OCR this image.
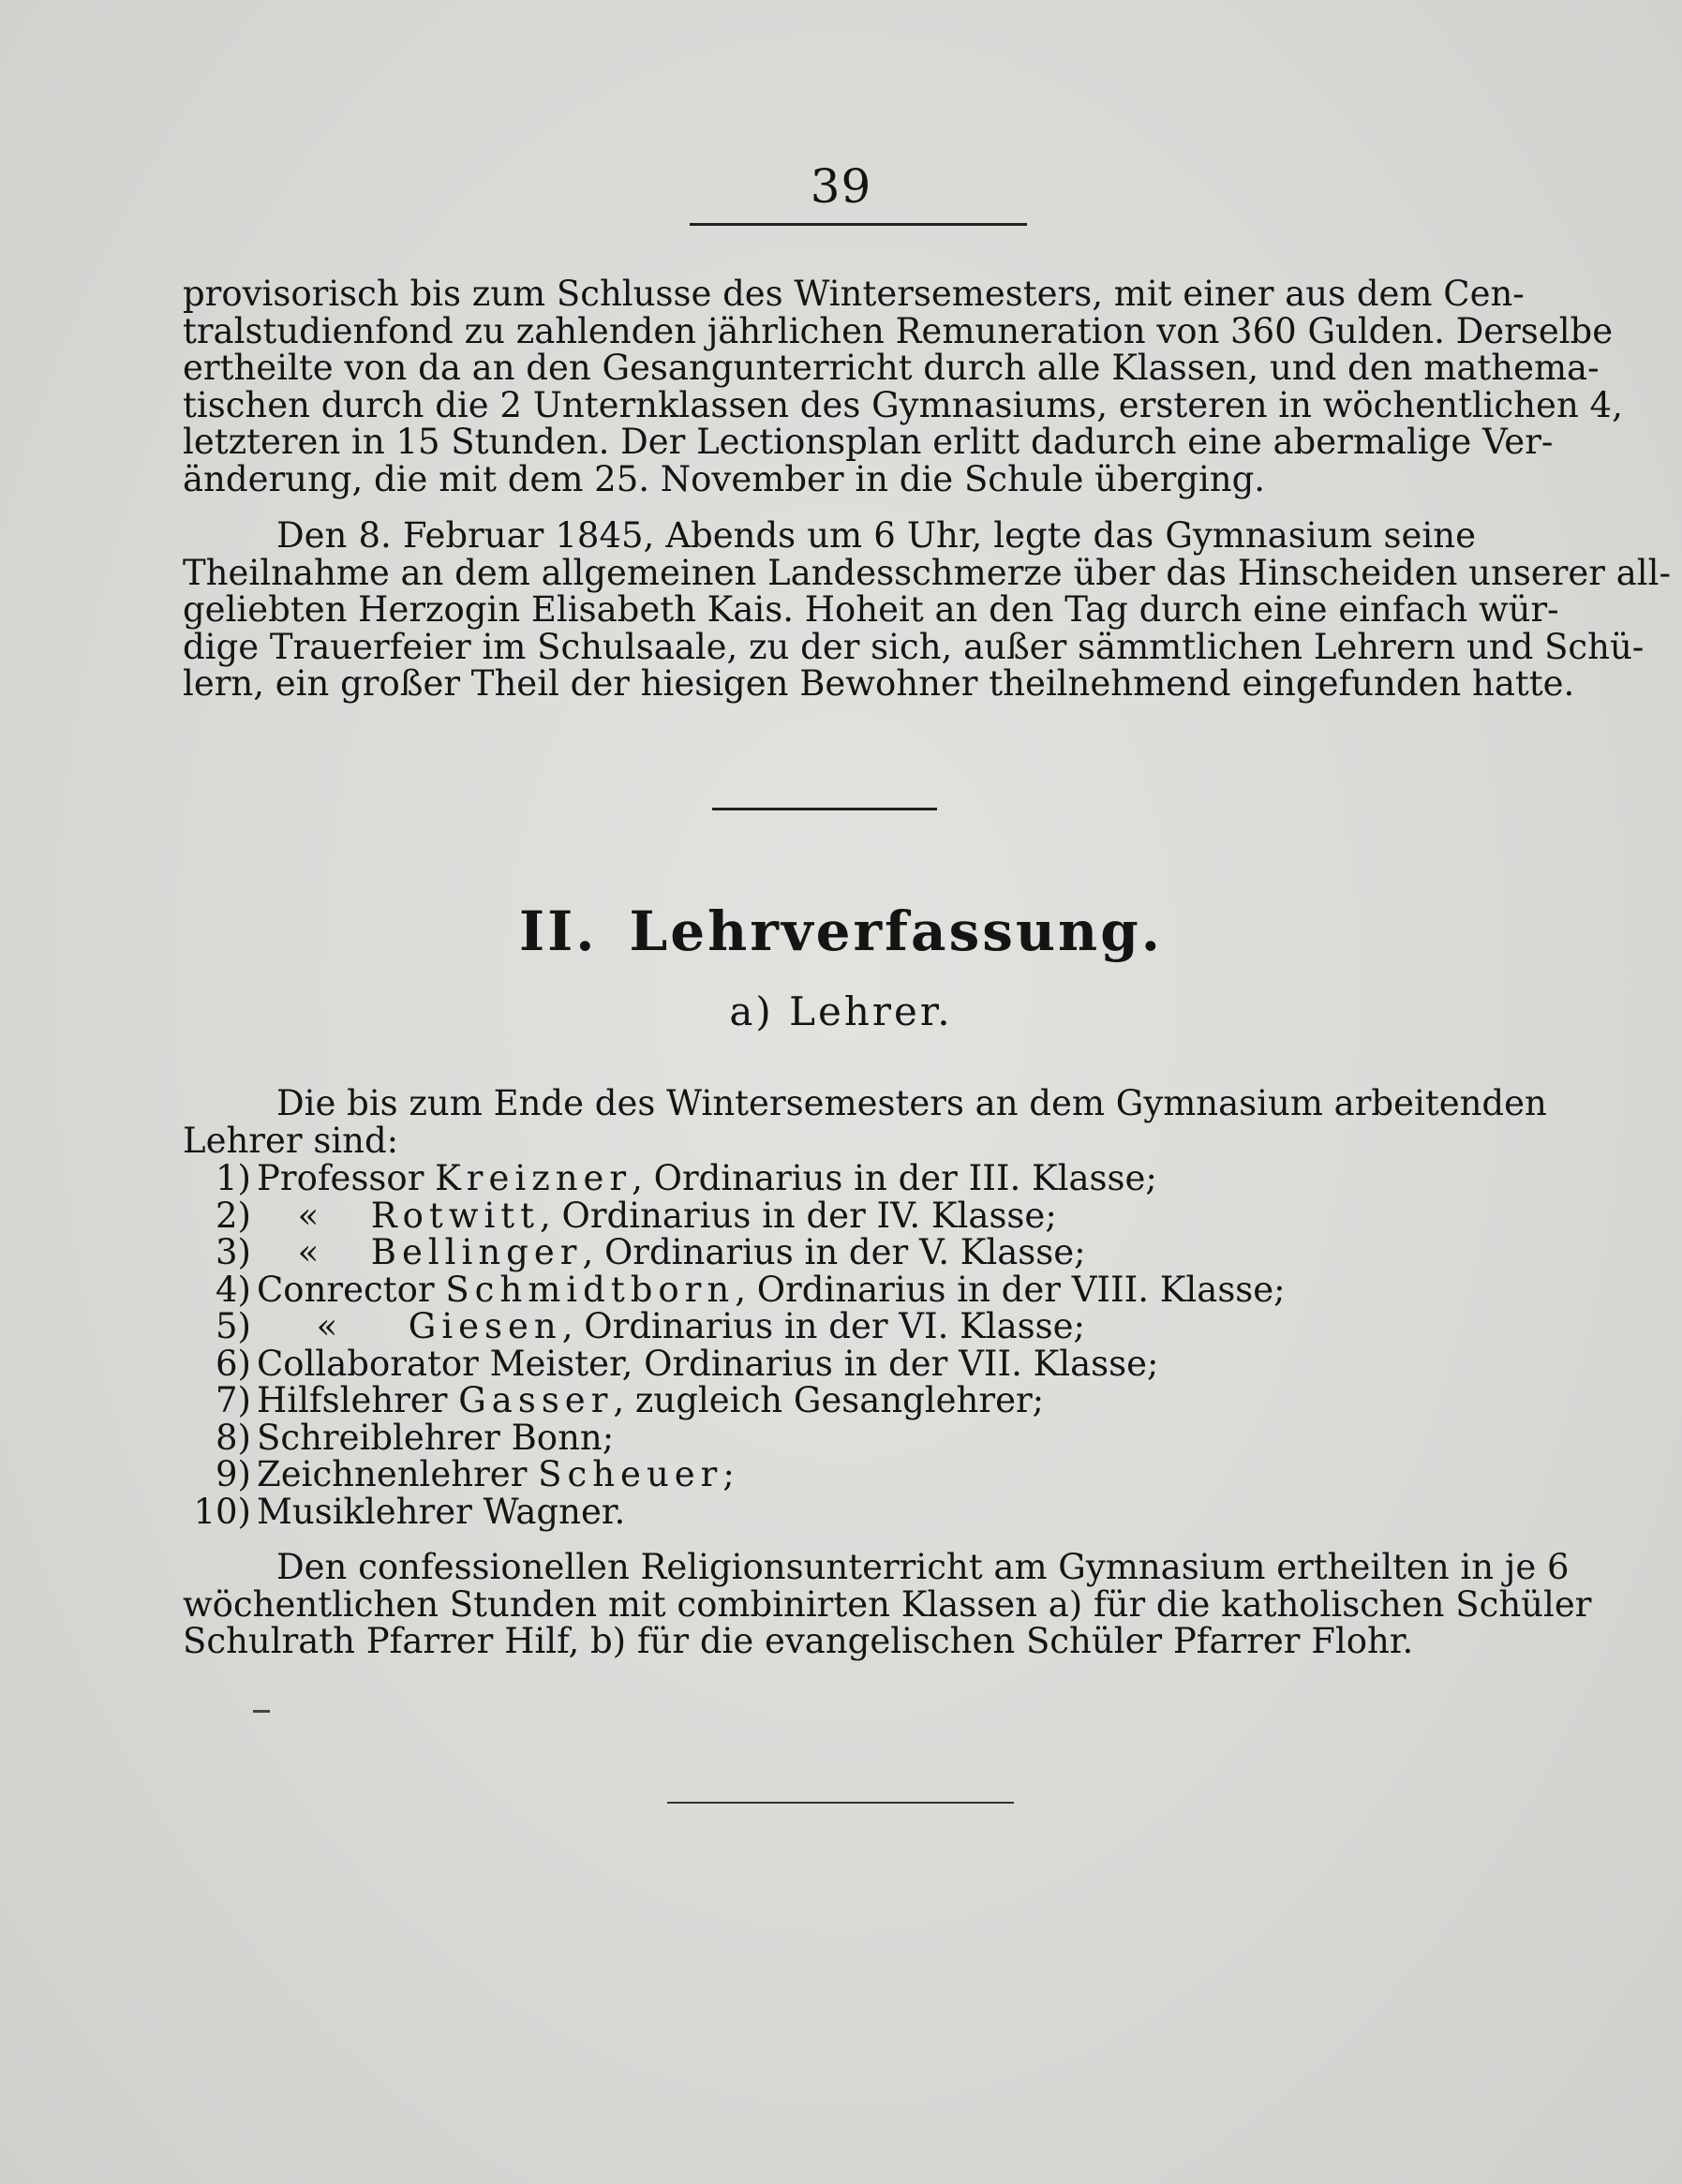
39

provisorisch bis zum Schlusse des Wintersemesters, mit einer aus dem Cen-
tralstudienfond zu zahlenden jährlichen Remuneration von 360 Gulden. Derselbe
ertheilte von da an den Gesangunterricht durch alle Klassen, und den mathema-
tischen durch die 2 Unternklassen des Gymnasiums, ersteren in wöchentlichen 4,
letzteren in 15 Stunden. Der Lectionsplan erlitt dadurch eine abermalige Ver-
änderung, die mit dem 25. November in die Schule überging.

Den 8. Februar 1845, Abends um 6 Uhr, legte das Gymnasium seine
Theilnahme an dem allgemeinen Landesschmerze über das Hinscheiden unserer all-
geliebten Herzogin Elisabeth Kais. Hoheit an den Tag durch eine einfach wür-
dige Trauerfeier im Schulsaale, zu der sich, außer sämmtlichen Lehrern und Schü-
lern, ein großer Theil der hiesigen Bewohner theilnehmend eingefunden hatte.

II. Lehrverfassung.
a) Lehrer.

Die bis zum Ende des Wintersemesters an dem Gymnasium arbeitenden
Lehrer sind:

1) Professor Kreizner, Ordinarius in der III. Klasse;
2) « Rotwitt, Ordinarius in der IV. Klasse;
3) « Bellinger, Ordinarius in der V. Klasse;
4) Conrector Schmidtborn, Ordinarius in der VIII. Klasse;
5) « Giesen, Ordinarius in der VI. Klasse;
6) Collaborator Meister, Ordinarius in der VII. Klasse;
7) Hilfslehrer Gasser, zugleich Gesanglehrer;
8) Schreiblehrer Bonn;
9) Zeichnenlehrer Scheuer;
10) Musiklehrer Wagner.

Den confessionellen Religionsunterricht am Gymnasium ertheilten in je 6
wöchentlichen Stunden mit combinirten Klassen a) für die katholischen Schüler
Schulrath Pfarrer Hilf, b) für die evangelischen Schüler Pfarrer Flohr.
